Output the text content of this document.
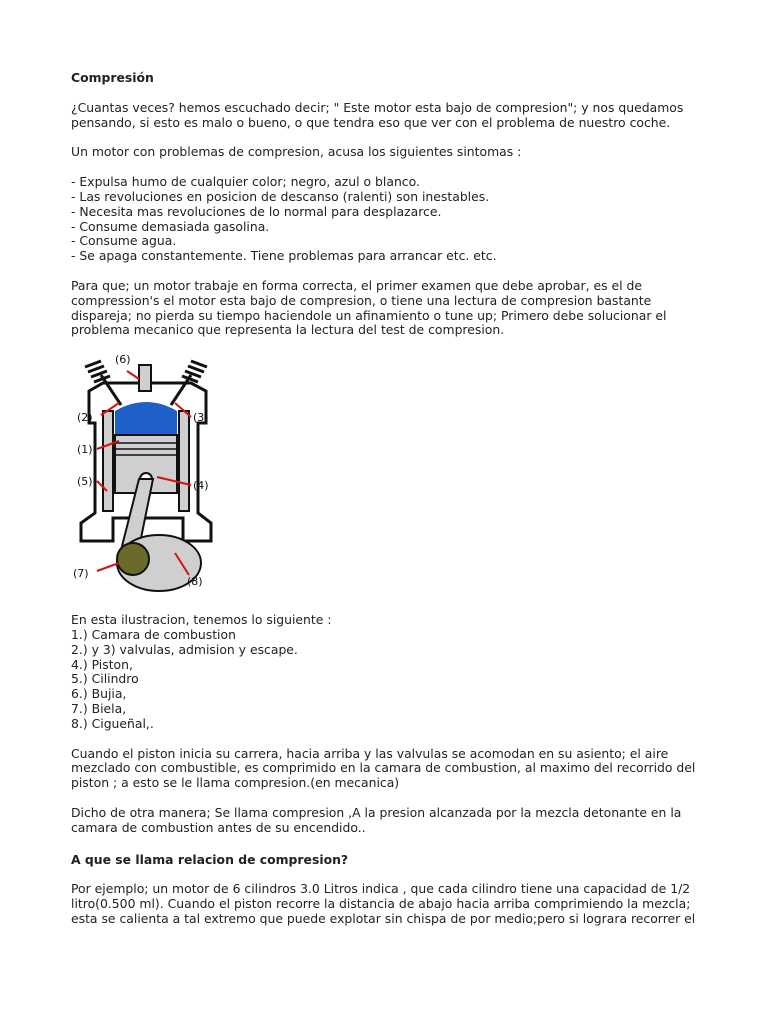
Compresión

¿Cuantas veces? hemos escuchado decir; " Este motor esta bajo de compresion"; y nos quedamos
pensando, si esto es malo o bueno, o que tendra eso que ver con el problema de nuestro coche.

Un motor con problemas de compresion, acusa los siguientes sintomas :

- Expulsa humo de cualquier color; negro, azul o blanco.
- Las revoluciones en posicion de descanso (ralenti) son inestables.
- Necesita mas revoluciones de lo normal para desplazarce.
- Consume demasiada gasolina.
- Consume agua.
- Se apaga constantemente. Tiene problemas para arrancar etc. etc.

Para que; un motor trabaje en forma correcta, el primer examen que debe aprobar, es el de
compression's el motor esta bajo de compresion, o tiene una lectura de compresion bastante
dispareja; no pierda su tiempo haciendole un afinamiento o tune up; Primero debe solucionar el
problema mecanico que representa la lectura del test de compresion.

(6)
(2)	(3)
(1)
(5)	(4)
(7)
(8)

En esta ilustracion, tenemos lo siguiente :
1.) Camara de combustion
2.) y 3) valvulas, admision y escape.
4.) Piston,
5.) Cilindro
6.) Bujia,
7.) Biela,
8.) Cigueñal,.

Cuando el piston inicia su carrera, hacia arriba y las valvulas se acomodan en su asiento; el aire
mezclado con combustible, es comprimido en la camara de combustion, al maximo del recorrido del
piston ; a esto se le llama compresion.(en mecanica)

Dicho de otra manera; Se llama compresion ,A la presion alcanzada por la mezcla detonante en la
camara de combustion antes de su encendido..

A que se llama relacion de compresion?

Por ejemplo; un motor de 6 cilindros 3.0 Litros indica , que cada cilindro tiene una capacidad de 1/2
litro(0.500 ml). Cuando el piston recorre la distancia de abajo hacia arriba comprimiendo la mezcla;
esta se calienta a tal extremo que puede explotar sin chispa de por medio;pero si lograra recorrer el
